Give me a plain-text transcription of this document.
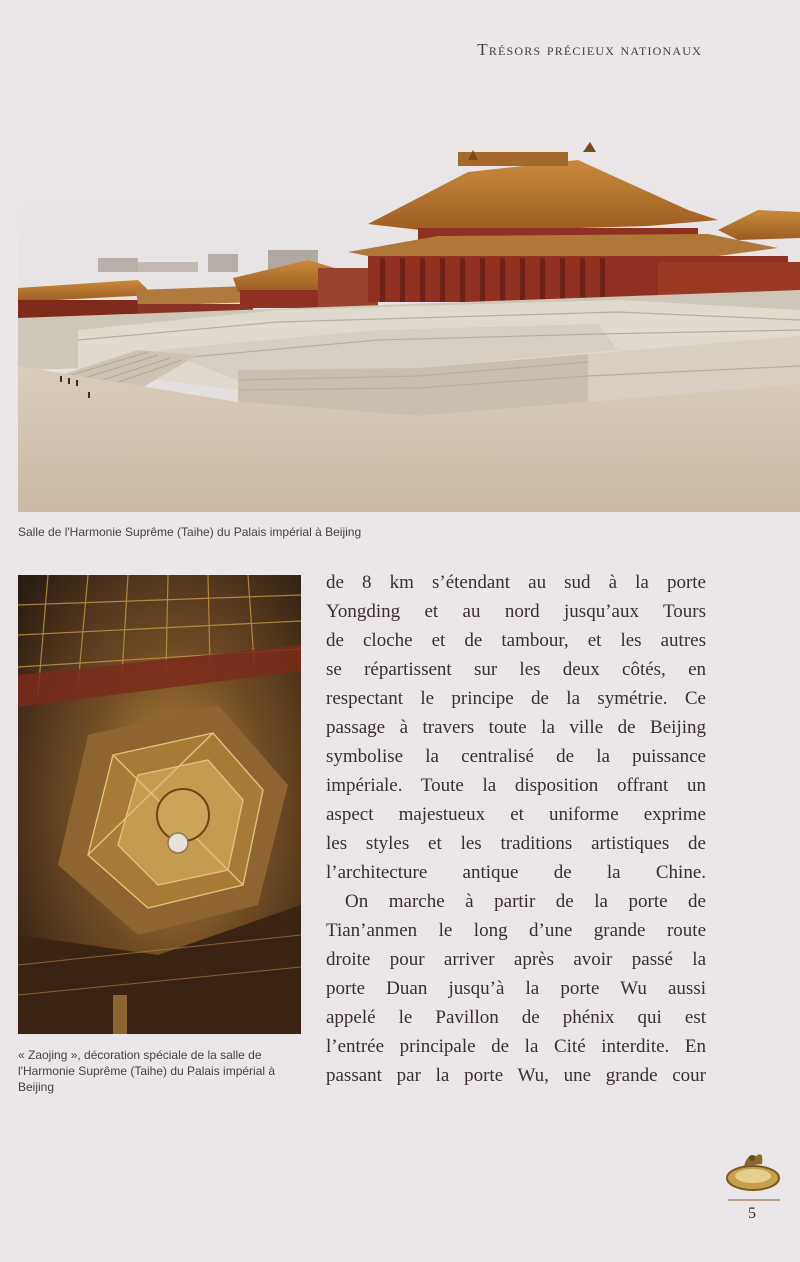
Trésors précieux nationaux
Salle de l'Harmonie Suprême (Taihe) du Palais impérial à Beijing
« Zaojing », décoration spéciale de la salle de l'Harmonie Suprême (Taihe) du Palais impérial à Beijing

de 8 km s’étendant au sud à la porte
Yongding et au nord jusqu’aux Tours
de cloche et de tambour, et les autres
se répartissent sur les deux côtés, en
respectant le principe de la symétrie. Ce
passage à travers toute la ville de Beijing
symbolise la centralisé de la puissance
impériale. Toute la disposition offrant un
aspect majestueux et uniforme exprime
les styles et les traditions artistiques de
l’architecture antique de la Chine.

On marche à partir de la porte de
Tian’anmen le long d’une grande route
droite pour arriver après avoir passé la
porte Duan jusqu’à la porte Wu aussi
appelé le Pavillon de phénix qui est
l’entrée principale de la Cité interdite. En
passant par la porte Wu, une grande cour

5
